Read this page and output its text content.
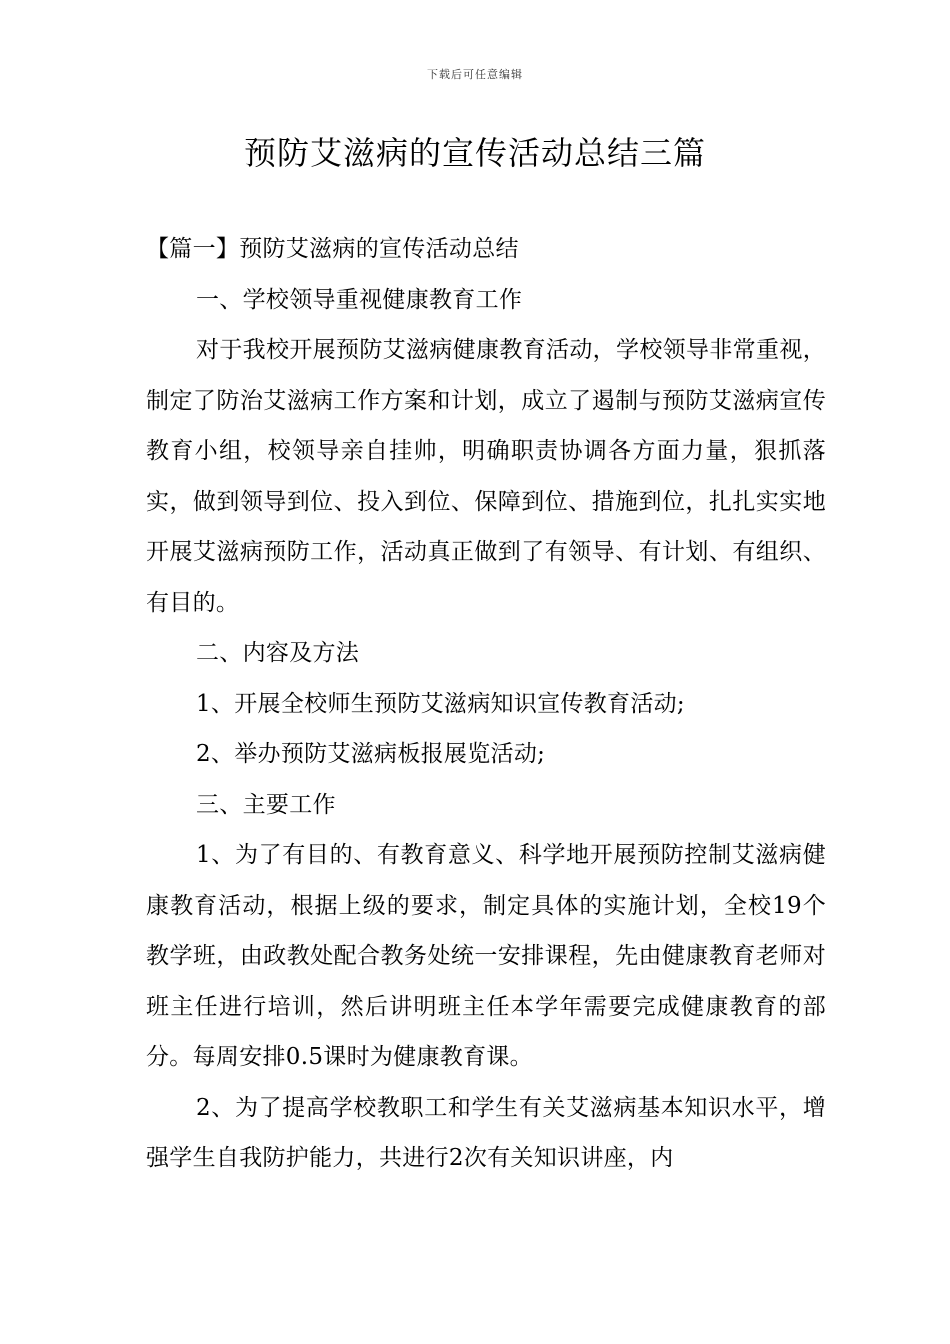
下载后可任意编辑
预防艾滋病的宣传活动总结三篇

【篇一】预防艾滋病的宣传活动总结

一、学校领导重视健康教育工作

对于我校开展预防艾滋病健康教育活动，学校领导非常重视，制定了防治艾滋病工作方案和计划，成立了遏制与预防艾滋病宣传教育小组，校领导亲自挂帅，明确职责协调各方面力量，狠抓落实，做到领导到位、投入到位、保障到位、措施到位，扎扎实实地开展艾滋病预防工作，活动真正做到了有领导、有计划、有组织、有目的。

二、内容及方法

1、开展全校师生预防艾滋病知识宣传教育活动;

2、举办预防艾滋病板报展览活动;

三、主要工作

1、为了有目的、有教育意义、科学地开展预防控制艾滋病健康教育活动，根据上级的要求，制定具体的实施计划，全校19个教学班，由政教处配合教务处统一安排课程，先由健康教育老师对班主任进行培训，然后讲明班主任本学年需要完成健康教育的部分。每周安排0.5课时为健康教育课。

2、为了提高学校教职工和学生有关艾滋病基本知识水平，增强学生自我防护能力，共进行2次有关知识讲座，内
